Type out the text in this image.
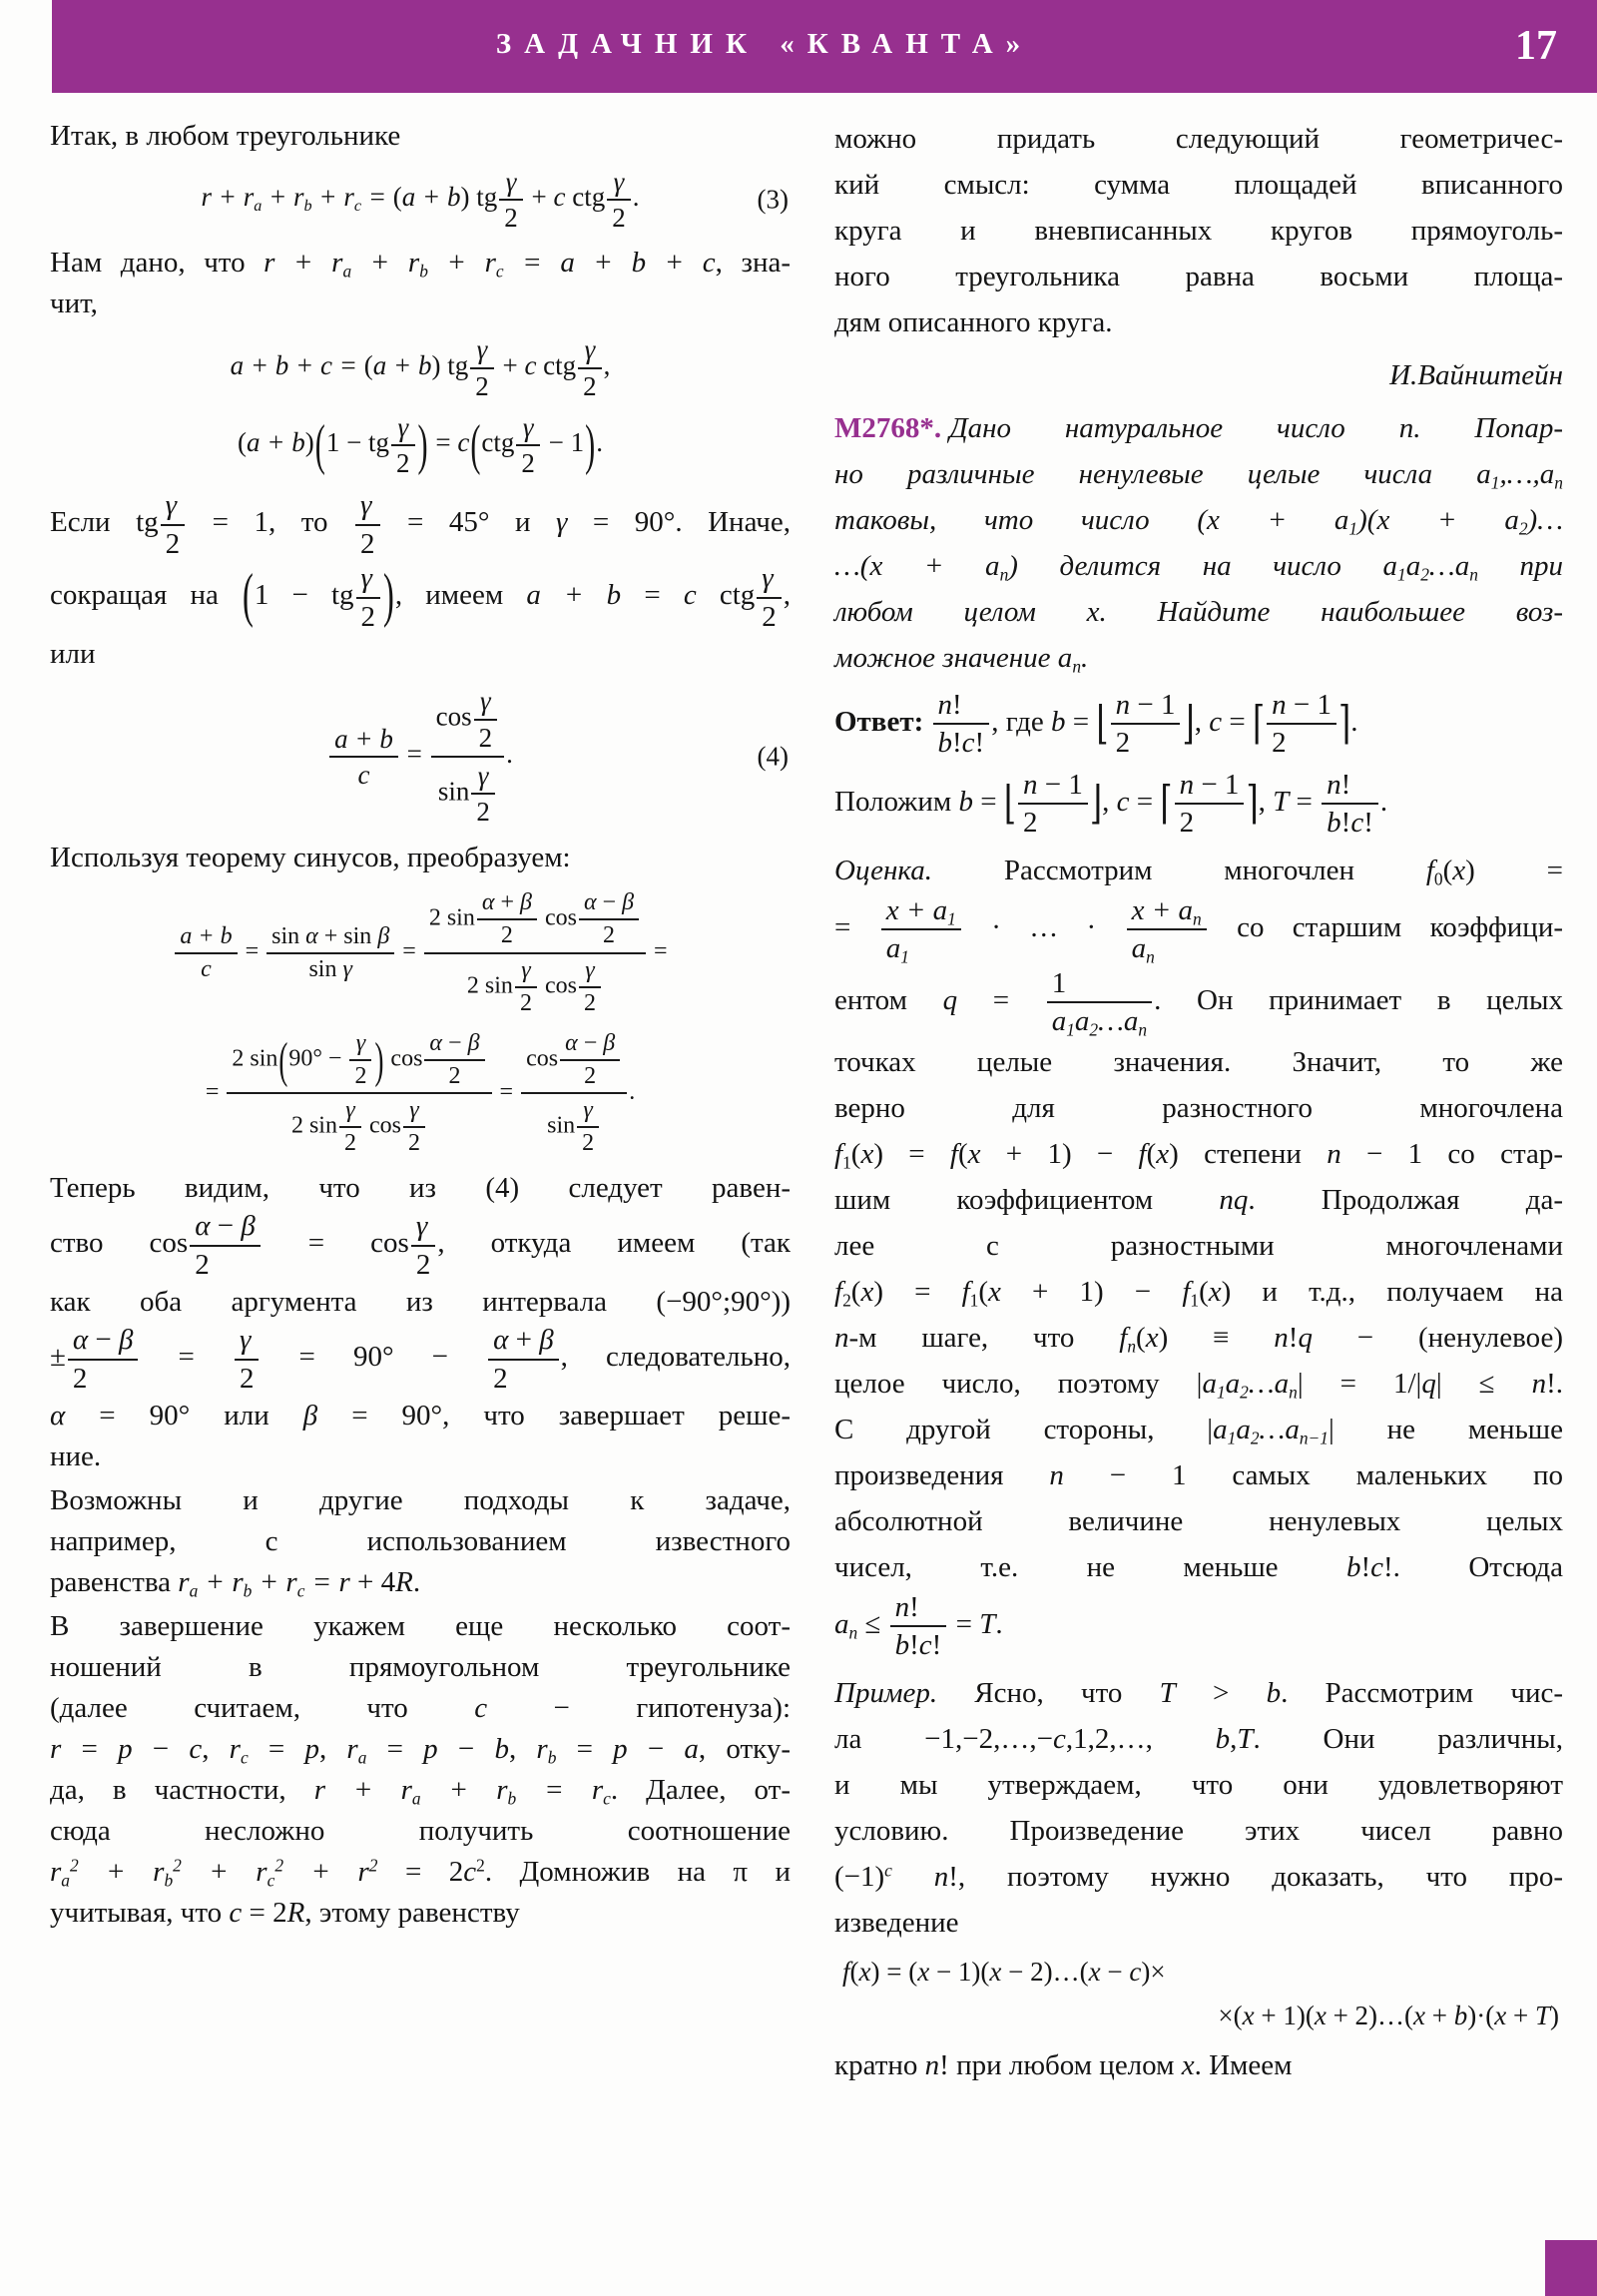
ЗАДАЧНИК «КВАНТА»	17
Итак, в любом треугольнике
$r + r_a + r_b + r_c = (a + b)$ tg $\frac{\gamma}{2} + c$ ctg $\frac{\gamma}{2}$ .	(3)
Нам дано, что $r + r_a + r_b + r_c = a + b + c$, зна-
чит,
a + b + c = (a + b) tg $\frac{\gamma}{2} + c$ ctg $\frac{\gamma}{2}$ ,
(a + b)(1 − tg $\frac{\gamma}{2}$ ) = $c(ctg \frac{\gamma}{2} - 1)$.
Если tg $\frac{\gamma}{2} = 1$, то $\frac{\gamma}{2} = 45^\circ$ и γ = 90°. Иначе,
сокращая на (1 − tg $\frac{\gamma}{2}$ ), имеем a + b = c ctg $\frac{\gamma}{2}$ ,
или
$\frac{a + b}{c} = \frac{\cos \frac{\gamma}{2}}{\sin \frac{\gamma}{2}}$ .	(4)
Используя теорему синусов, преобразуем:
$\frac{a + b}{c} = \frac{\text{sin α + sin β}}{\text{sin γ}} = \frac{2 \sin \frac{\alpha + \beta}{2} \cos \frac{\alpha - \beta}{2}}{2 \sin \frac{\gamma}{2} \cos \frac{\gamma}{2}}$ =
= $\frac{2 \sin(90^\circ - \frac{\gamma}{2} ) \cos \frac{\alpha - \beta}{2}}{2 \sin \frac{\gamma}{2} \cos \frac{\gamma}{2}} = \frac{\cos \frac{\alpha - \beta}{2}}{\sin \frac{\gamma}{2}}$ .
Теперь видим, что из (4) следует равен-
ство $\cos \frac{\alpha - \beta}{2} = \cos \frac{\gamma}{2}$ , откуда имеем (так
как оба аргумента из интервала (−90°;90°))
± $\frac{\alpha - \beta}{2} = \frac{\gamma}{2} = 90^\circ - \frac{\alpha + \beta}{2}$ , следовательно,
α = 90° или β = 90°, что завершает реше-
ние.
Возможны и другие подходы к задаче,
например, с использованием известного
равенства $r_a + r_b + r_c = r + 4R$.
В завершение укажем еще несколько соот-
ношений в прямоугольном треугольнике
(далее считаем, что c − гипотенуза):
r = p − c, $r_c = p$, $r_a = p - b$, $r_b = p - a$, отку-
да, в частности, $r + r_a + r_b = r_c$. Далее, от-
сюда несложно получить соотношение
$r_a^2 + r_b^2 + r_c^2 + r^2 = 2c^2$. Домножив на π и
учитывая, что c = 2R, этому равенству
можно придать следующий геометричес-
кий смысл: сумма площадей вписанного
круга и вневписанных кругов прямоуголь-
ного треугольника равна восьми площа-
дям описанного круга.
И.Вайнштейн
М2768*. Дано натуральное число n. Попар-
но различные ненулевые целые числа $a_1,\dots,a_n$
таковы, что число $(x + a_1)(x$ + $a_2)\dots$
…(x + $a_n$) делится на число $a_1a_2\dots a_n$ при
любом целом x. Найдите наибольшее воз-
можное значение $a_n$.
Ответ: $\frac{n!}{b!c!}$ , где b = ⌊ $\frac{n - 1}{2}$ ⌋, c = ⌈ $\frac{n - 1}{2}$ ⌉.
Положим b = ⌊ $\frac{n - 1}{2}$ ⌋, c = ⌈ $\frac{n - 1}{2}$ ⌉, $T = \frac{n!}{b!c!}$ .
Оценка. Рассмотрим многочлен $f_0(x)$ =
= $\frac{x + a_1}{a_1}$ · … · $\frac{x + a_n}{a_n}$ со старшим коэффици-
ентом $q = \frac{1}{a_1a_2\dots a_n}$ . Он принимает в целых
точках целые значения. Значит, то же
верно для разностного многочлена
$f_1(x) = f(x + 1) - f(x)$ степени n − 1 со стар-
шим коэффициентом nq. Продолжая да-
лее с разностными многочленами
$f_2(x) = f_1(x + 1) - f_1(x)$ и т.д., получаем на
n-м шаге, что $f_n(x) \equiv n!q$ − (ненулевое)
целое число, поэтому $|a_1a_2\dots a_n| = 1/|q| \le n$!.
С другой стороны, $|a_1a_2\dots a_{n-1}|$ не меньше
произведения n − 1 самых маленьких по
абсолютной величине ненулевых целых
чисел, т.е. не меньше b!c!. Отсюда
$a_n \le \frac{n!}{b!c!} = T$.
Пример. Ясно, что T > b. Рассмотрим чис-
ла −1,−2,…,−c,1,2,…, b,T. Они различны,
и мы утверждаем, что они удовлетворяют
условию. Произведение этих чисел равно
$(-1)^c$ n!, поэтому нужно доказать, что про-
изведение
f(x) = (x − 1)(x − 2)…(x − c)×
×(x + 1)(x + 2)…(x + b)·(x + T)
кратно n! при любом целом x. Имеем
